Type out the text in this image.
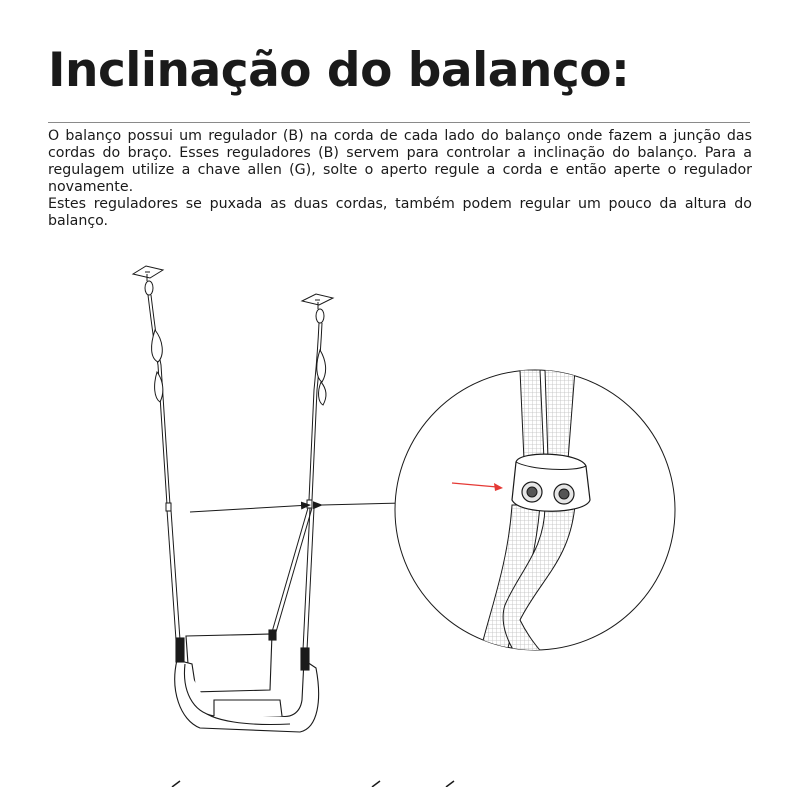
Inclinação do balanço:

O balanço possui um regulador (B) na corda de cada lado do balanço onde fazem a junção das cordas do braço. Esses reguladores (B) servem para controlar a inclinação do balanço. Para a regulagem utilize a chave allen (G), solte o aperto regule a corda e então aperte o regulador novamente.

Estes reguladores se puxada as duas cordas, também podem regular um pouco da altura do balanço.
